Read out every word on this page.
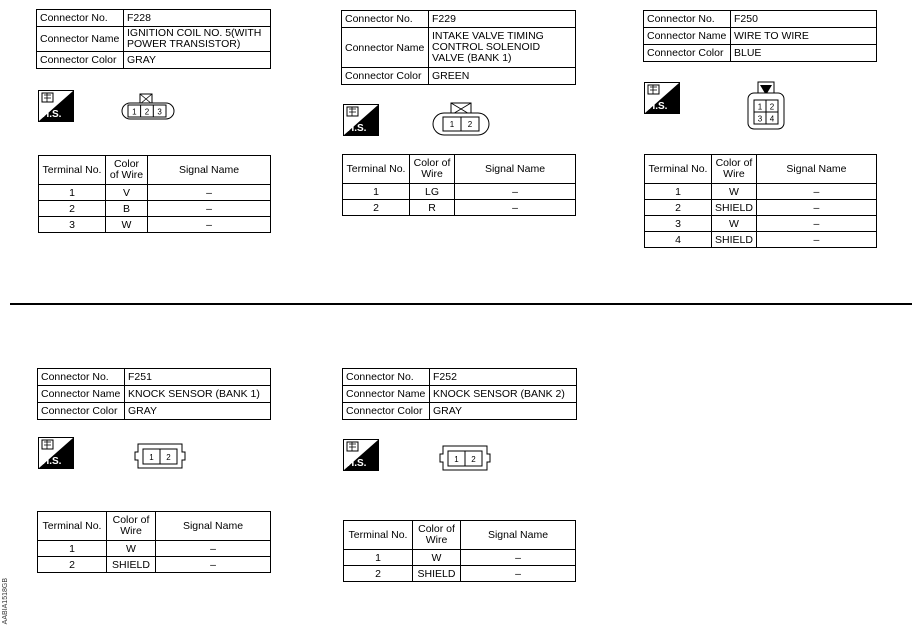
Connector No.	F228
Connector Name	IGNITION COIL NO. 5(WITH POWER TRANSISTOR)
Connector Color	GRAY
H.S.	1 2 3
Terminal No.	Color of Wire	Signal Name
1	V	–
2	B	–
3	W	–
Connector No.	F229
Connector Name	INTAKE VALVE TIMING CONTROL SOLENOID VALVE (BANK 1)
Connector Color	GREEN
H.S.	1 2
Terminal No.	Color of Wire	Signal Name
1	LG	–
2	R	–
Connector No.	F250
Connector Name	WIRE TO WIRE
Connector Color	BLUE
H.S.	1 2
3 4
Terminal No.	Color of Wire	Signal Name
1	W	–
2	SHIELD	–
3	W	–
4	SHIELD	–
Connector No.	F251
Connector Name	KNOCK SENSOR (BANK 1)
Connector Color	GRAY
H.S.	1 2
Terminal No.	Color of Wire	Signal Name
1	W	–
2	SHIELD	–
Connector No.	F252
Connector Name	KNOCK SENSOR (BANK 2)
Connector Color	GRAY
H.S.	1 2
Terminal No.	Color of Wire	Signal Name
1	W	–
2	SHIELD	–
AABIA1518GB
